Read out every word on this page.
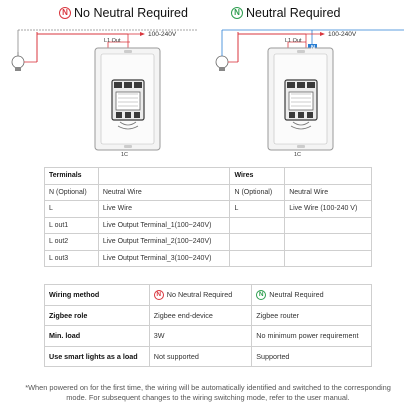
N No Neutral Required	N Neutral Required
L1 Out
100-240V
1C
L1 Out
N
100-240V
1C
Terminals		Wires	
N (Optional)	Neutral Wire	N (Optional)	Neutral Wire
L	Live Wire	L	Live Wire (100-240 V)
L out1	Live Output Terminal_1(100~240V)		
L out2	Live Output Terminal_2(100~240V)		
L out3	Live Output Terminal_3(100~240V)		
Wiring method	N No Neutral Required	N Neutral Required

Zigbee role	Zigbee end-device	Zigbee router
Min. load	3W	No minimum power requirement
Use smart lights as a load	Not supported	Supported

*When powered on for the first time, the wiring will be automatically identified and switched to the corresponding mode. For subsequent changes to the wiring switching mode, refer to the user manual.
